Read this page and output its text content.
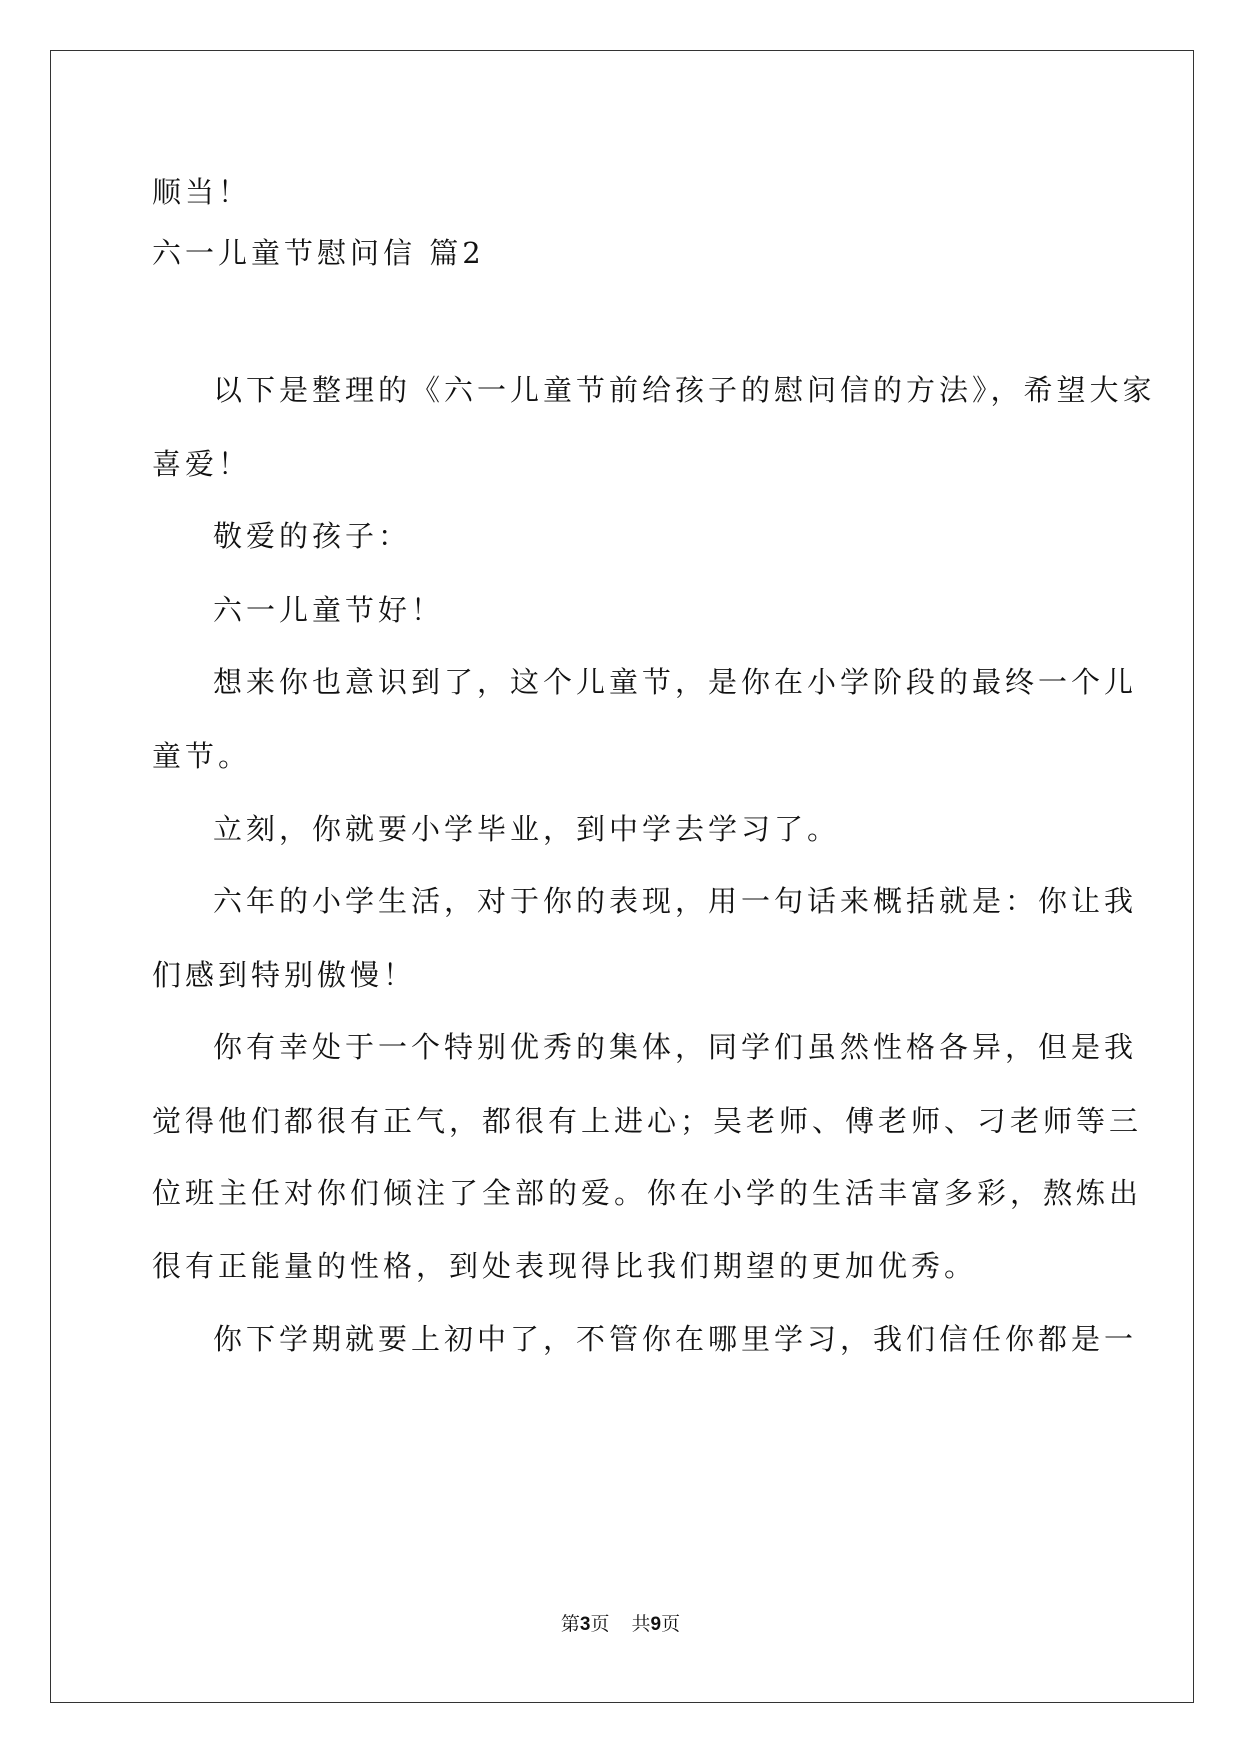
顺当！

六一儿童节慰问信 篇2

以下是整理的《六一儿童节前给孩子的慰问信的方法》，希望大家

喜爱！

敬爱的孩子：

六一儿童节好！

想来你也意识到了，这个儿童节，是你在小学阶段的最终一个儿

童节。

立刻，你就要小学毕业，到中学去学习了。

六年的小学生活，对于你的表现，用一句话来概括就是：你让我

们感到特别傲慢！

你有幸处于一个特别优秀的集体，同学们虽然性格各异，但是我

觉得他们都很有正气，都很有上进心；吴老师、傅老师、刁老师等三

位班主任对你们倾注了全部的爱。你在小学的生活丰富多彩，熬炼出

很有正能量的性格，到处表现得比我们期望的更加优秀。

你下学期就要上初中了，不管你在哪里学习，我们信任你都是一

第3页 共9页
